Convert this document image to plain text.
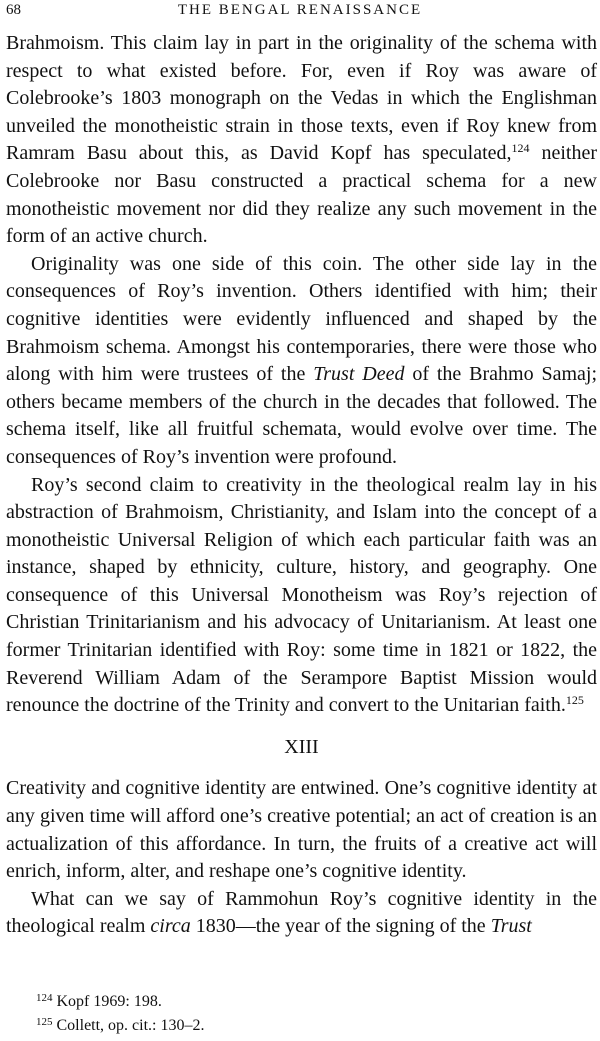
68	THE BENGAL RENAISSANCE

Brahmoism. This claim lay in part in the originality of the schema with respect to what existed before. For, even if Roy was aware of Colebrooke’s 1803 monograph on the Vedas in which the Englishman unveiled the monotheistic strain in those texts, even if Roy knew from Ramram Basu about this, as David Kopf has speculated,$^{124}$ neither Colebrooke nor Basu constructed a practical schema for a new monotheistic movement nor did they realize any such movement in the form of an active church.

Originality was one side of this coin. The other side lay in the consequences of Roy’s invention. Others identified with him; their cognitive identities were evidently influenced and shaped by the Brahmoism schema. Amongst his contemporaries, there were those who along with him were trustees of the Trust Deed of the Brahmo Samaj; others became members of the church in the decades that followed. The schema itself, like all fruitful schemata, would evolve over time. The consequences of Roy’s invention were profound.

Roy’s second claim to creativity in the theological realm lay in his abstraction of Brahmoism, Christianity, and Islam into the concept of a monotheistic Universal Religion of which each particular faith was an instance, shaped by ethnicity, culture, history, and geography. One consequence of this Universal Monotheism was Roy’s rejection of Christian Trinitarianism and his advocacy of Unitarianism. At least one former Trinitarian identified with Roy: some time in 1821 or 1822, the Reverend William Adam of the Serampore Baptist Mission would renounce the doctrine of the Trinity and convert to the Unitarian faith.$^{125}$

XIII

Creativity and cognitive identity are entwined. One’s cognitive identity at any given time will afford one’s creative potential; an act of creation is an actualization of this affordance. In turn, the fruits of a creative act will enrich, inform, alter, and reshape one’s cognitive identity.

What can we say of Rammohun Roy’s cognitive identity in the theological realm circa 1830—the year of the signing of the Trust

$^{124}$ Kopf 1969: 198.
$^{125}$ Collett, op. cit.: 130–2.
